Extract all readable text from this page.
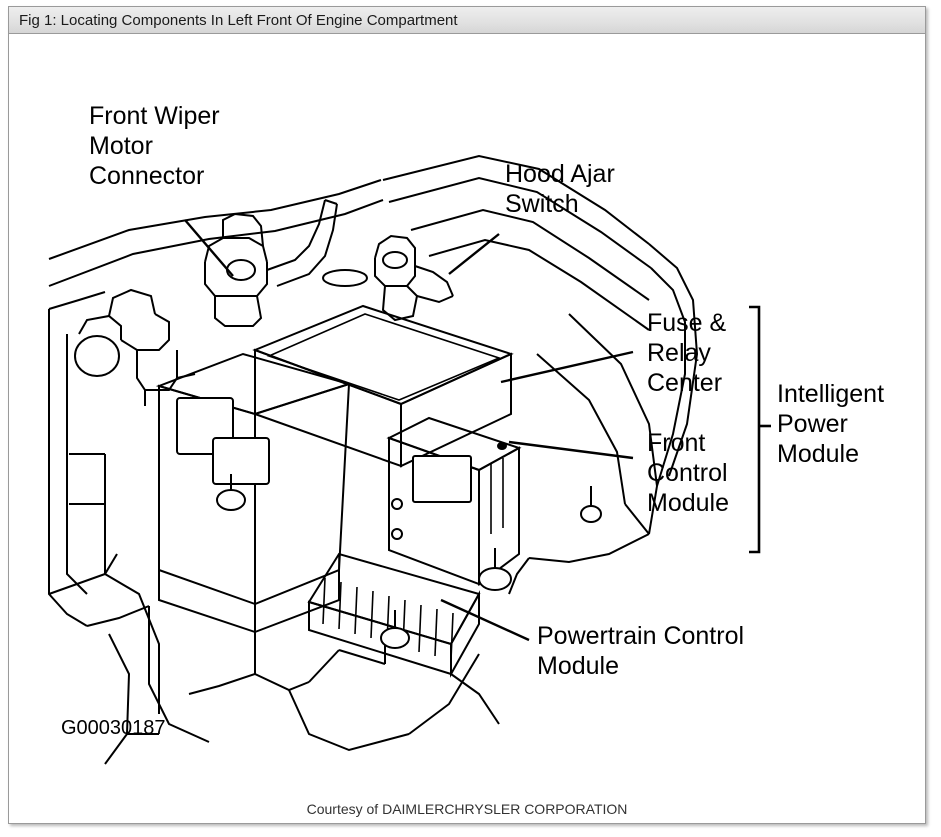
Fig 1: Locating Components In Left Front Of Engine Compartment
Front Wiper
Motor
Connector	Hood Ajar
Switch
Fuse &
Relay
Center
Front
Control
Module
Intelligent
Power
Module
Powertrain Control
Module
G00030187
Courtesy of DAIMLERCHRYSLER CORPORATION
